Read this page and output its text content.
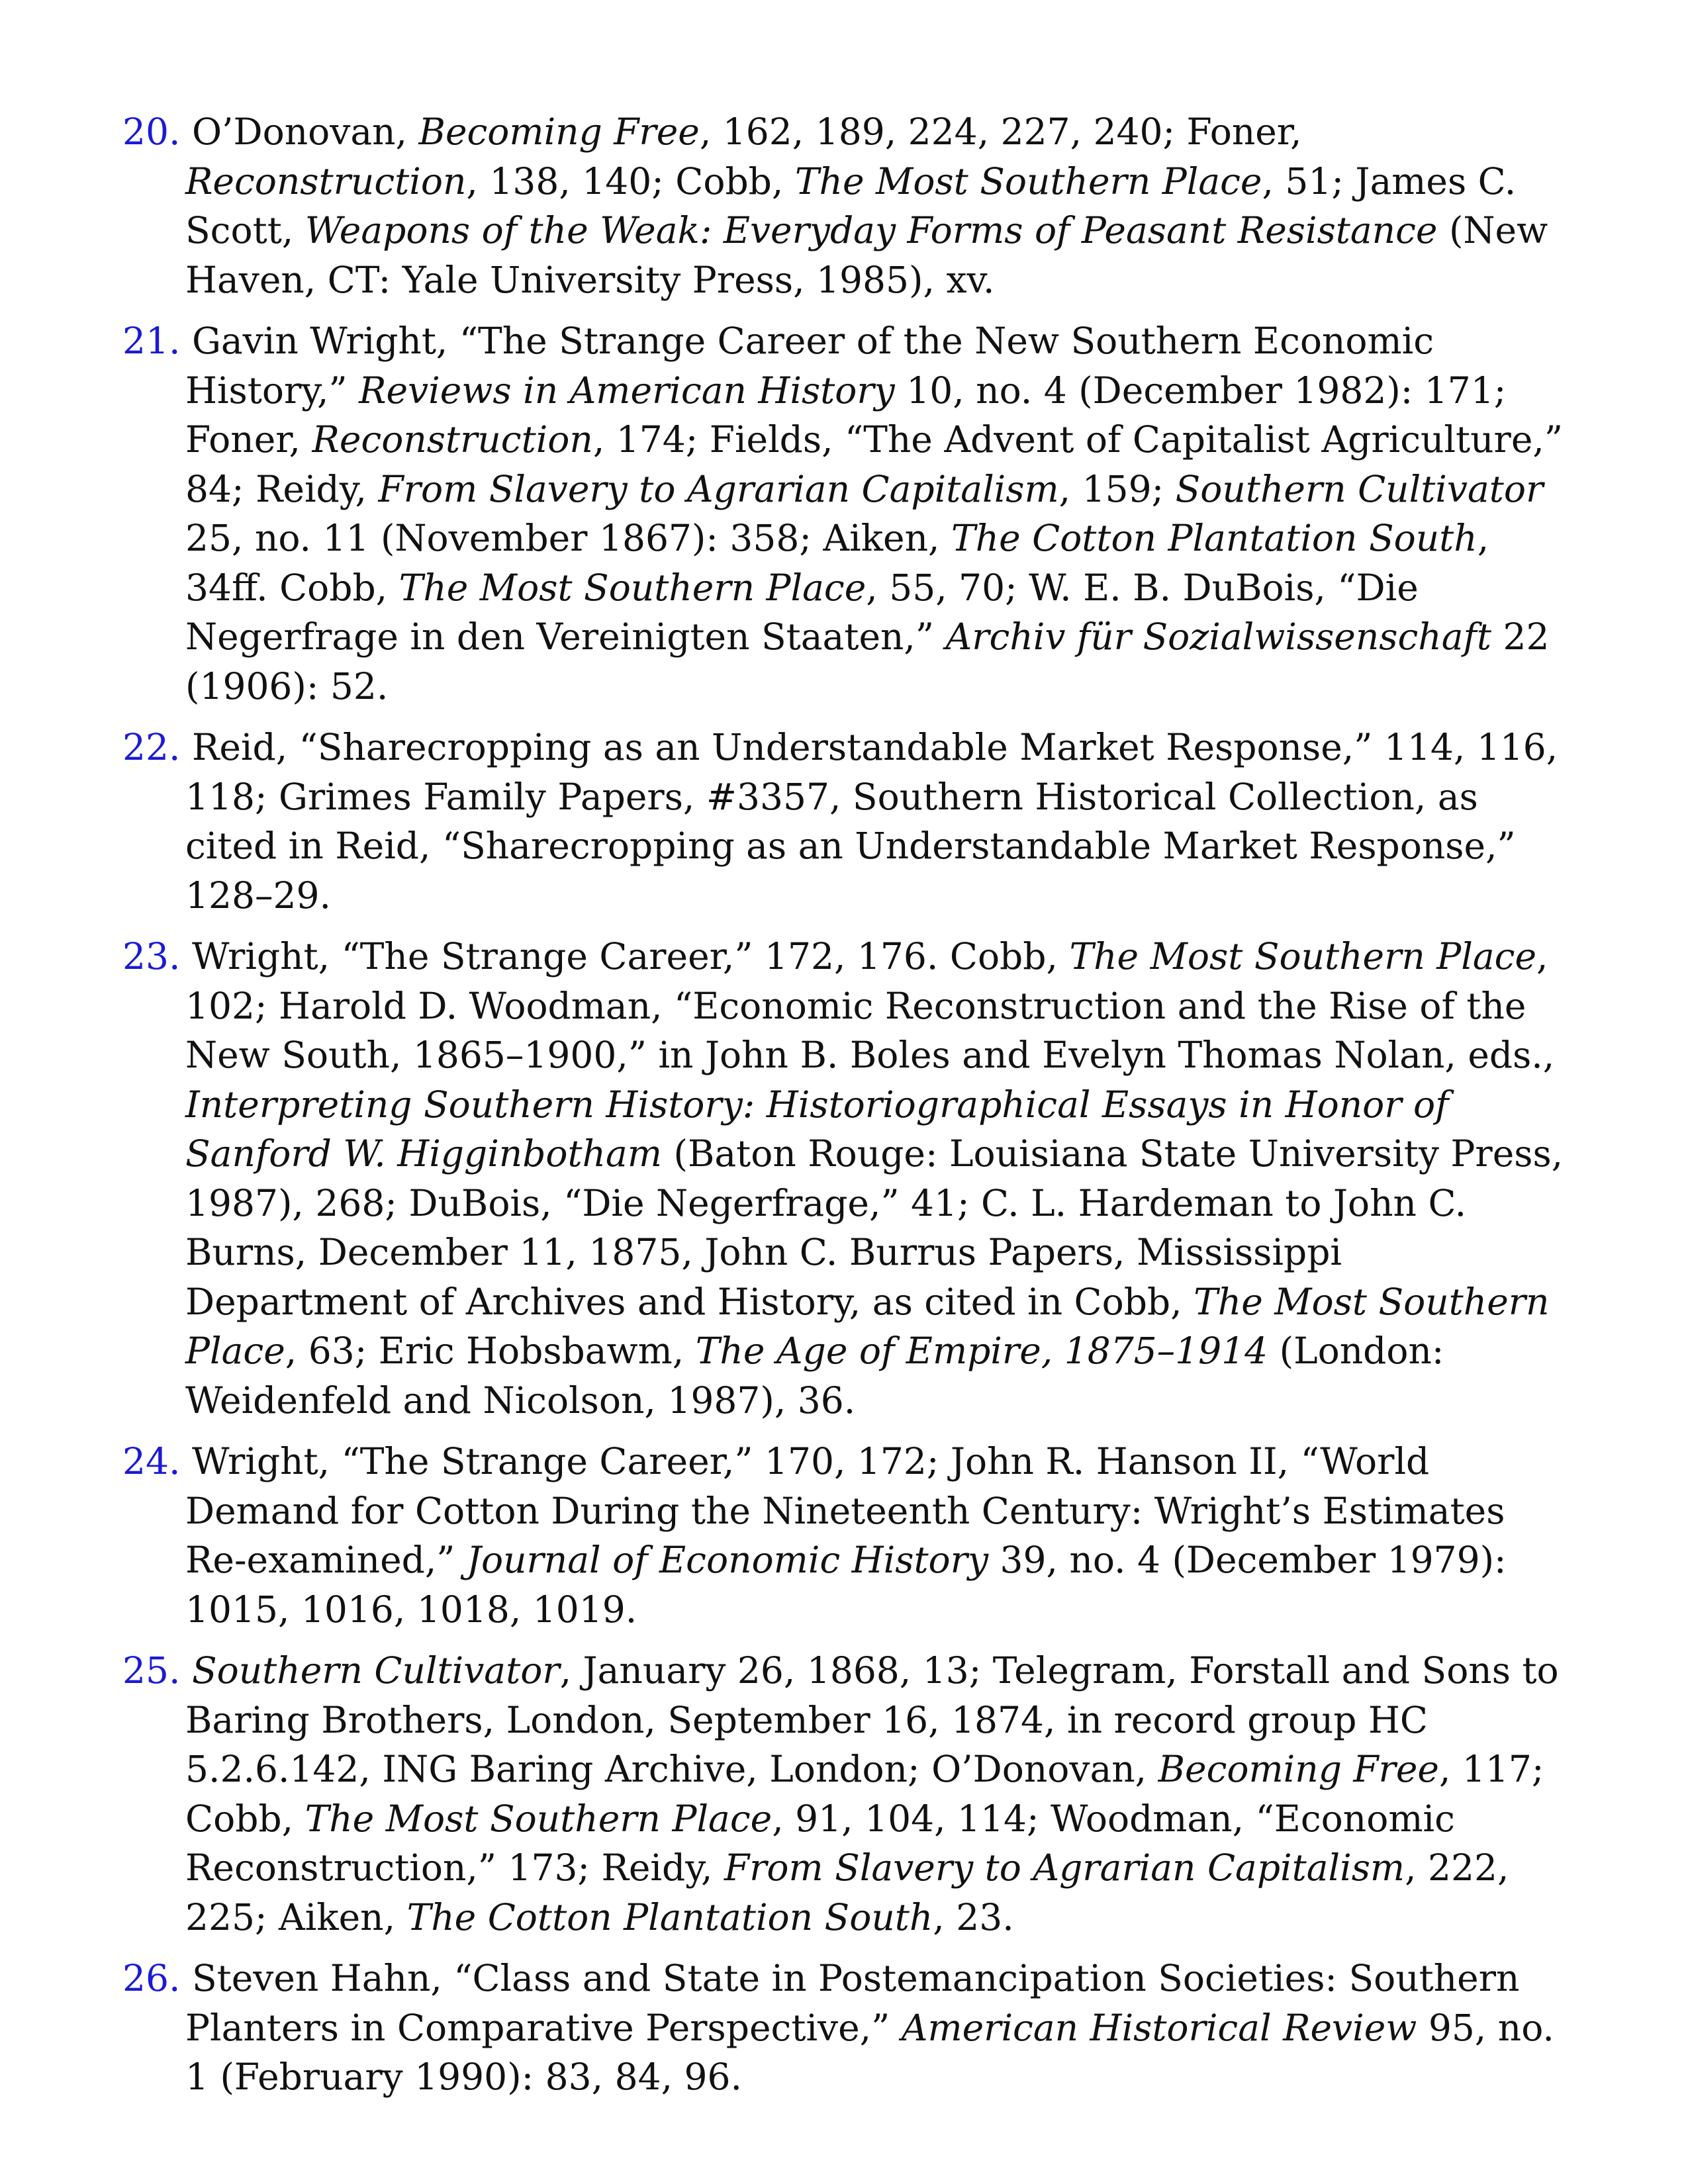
20. O’Donovan, Becoming Free, 162, 189, 224, 227, 240; Foner, Reconstruction, 138, 140; Cobb, The Most Southern Place, 51; James C. Scott, Weapons of the Weak: Everyday Forms of Peasant Resistance (New Haven, CT: Yale University Press, 1985), xv.

21. Gavin Wright, “The Strange Career of the New Southern Economic History,” Reviews in American History 10, no. 4 (December 1982): 171; Foner, Reconstruction, 174; Fields, “The Advent of Capitalist Agriculture,” 84; Reidy, From Slavery to Agrarian Capitalism, 159; Southern Cultivator 25, no. 11 (November 1867): 358; Aiken, The Cotton Plantation South, 34ff. Cobb, The Most Southern Place, 55, 70; W. E. B. DuBois, “Die Negerfrage in den Vereinigten Staaten,” Archiv für Sozialwissenschaft 22 (1906): 52.

22. Reid, “Sharecropping as an Understandable Market Response,” 114, 116, 118; Grimes Family Papers, #3357, Southern Historical Collection, as cited in Reid, “Sharecropping as an Understandable Market Response,” 128–29.

23. Wright, “The Strange Career,” 172, 176. Cobb, The Most Southern Place, 102; Harold D. Woodman, “Economic Reconstruction and the Rise of the New South, 1865–1900,” in John B. Boles and Evelyn Thomas Nolan, eds., Interpreting Southern History: Historiographical Essays in Honor of Sanford W. Higginbotham (Baton Rouge: Louisiana State University Press, 1987), 268; DuBois, “Die Negerfrage,” 41; C. L. Hardeman to John C. Burns, December 11, 1875, John C. Burrus Papers, Mississippi Department of Archives and History, as cited in Cobb, The Most Southern Place, 63; Eric Hobsbawm, The Age of Empire, 1875–1914 (London: Weidenfeld and Nicolson, 1987), 36.

24. Wright, “The Strange Career,” 170, 172; John R. Hanson II, “World Demand for Cotton During the Nineteenth Century: Wright’s Estimates Re-examined,” Journal of Economic History 39, no. 4 (December 1979): 1015, 1016, 1018, 1019.

25. Southern Cultivator, January 26, 1868, 13; Telegram, Forstall and Sons to Baring Brothers, London, September 16, 1874, in record group HC 5.2.6.142, ING Baring Archive, London; O’Donovan, Becoming Free, 117; Cobb, The Most Southern Place, 91, 104, 114; Woodman, “Economic Reconstruction,” 173; Reidy, From Slavery to Agrarian Capitalism, 222, 225; Aiken, The Cotton Plantation South, 23.

26. Steven Hahn, “Class and State in Postemancipation Societies: Southern Planters in Comparative Perspective,” American Historical Review 95, no. 1 (February 1990): 83, 84, 96.
